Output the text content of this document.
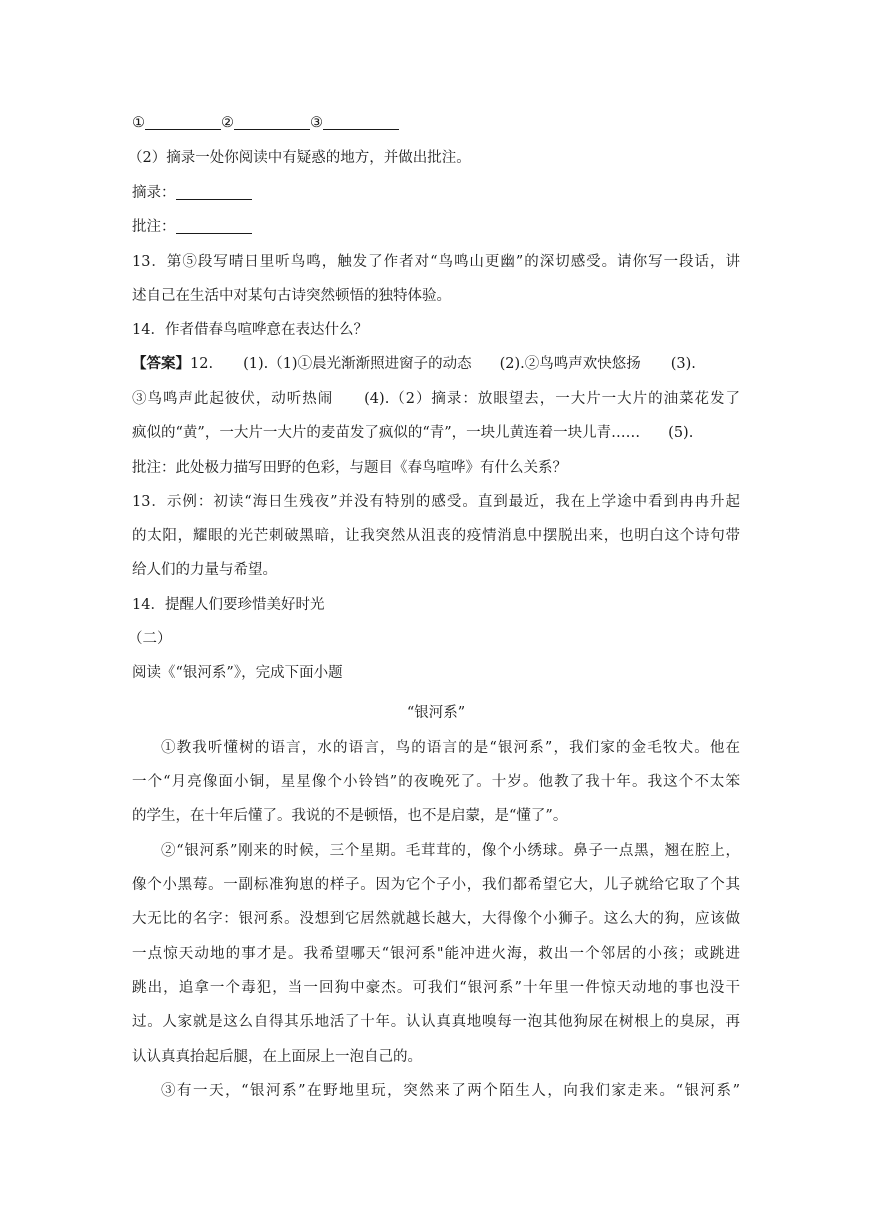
①	②	③
（2）摘录一处你阅读中有疑惑的地方，并做出批注。
摘录：
批注：
13．第⑤段写晴日里听鸟鸣，触发了作者对“鸟鸣山更幽”的深切感受。请你写一段话，讲
述自己在生活中对某句古诗突然顿悟的独特体验。
14．作者借春鸟喧哗意在表达什么？
【答案】12. (1).（1)①晨光渐渐照进窗子的动态 (2).②鸟鸣声欢快悠扬 (3).
③鸟鸣声此起彼伏，动听热闹　　(4).（2）摘录：放眼望去，一大片一大片的油菜花发了
疯似的“黄”，一大片一大片的麦苗发了疯似的“青”，一块儿黄连着一块儿青…… (5).
批注：此处极力描写田野的色彩，与题目《春鸟喧哗》有什么关系？
13．示例：初读“海日生残夜”并没有特别的感受。直到最近，我在上学途中看到冉冉升起
的太阳，耀眼的光芒刺破黑暗，让我突然从沮丧的疫情消息中摆脱出来，也明白这个诗句带
给人们的力量与希望。
14．提醒人们要珍惜美好时光
（二）
阅读《“银河系”》，完成下面小题
“银河系”
①教我听懂树的语言，水的语言，鸟的语言的是“银河系”，我们家的金毛牧犬。他在
一个“月亮像面小铜，星星像个小铃铛”的夜晚死了。十岁。他教了我十年。我这个不太笨
的学生，在十年后懂了。我说的不是顿悟，也不是启蒙，是“懂了”。
②“银河系”刚来的时候，三个星期。毛茸茸的，像个小绣球。鼻子一点黑，翘在腔上，
像个小黑莓。一副标准狗崽的样子。因为它个子小，我们都希望它大，儿子就给它取了个其
大无比的名字：银河系。没想到它居然就越长越大，大得像个小狮子。这么大的狗，应该做
一点惊天动地的事才是。我希望哪天“银河系"能冲进火海，救出一个邻居的小孩；或跳进
跳出，追拿一个毒犯，当一回狗中豪杰。可我们“银河系”十年里一件惊天动地的事也没干
过。人家就是这么自得其乐地活了十年。认认真真地嗅每一泡其他狗尿在树根上的臭尿，再
认认真真抬起后腿，在上面尿上一泡自己的。
③有一天，“银河系”在野地里玩，突然来了两个陌生人，向我们家走来。“银河系”
